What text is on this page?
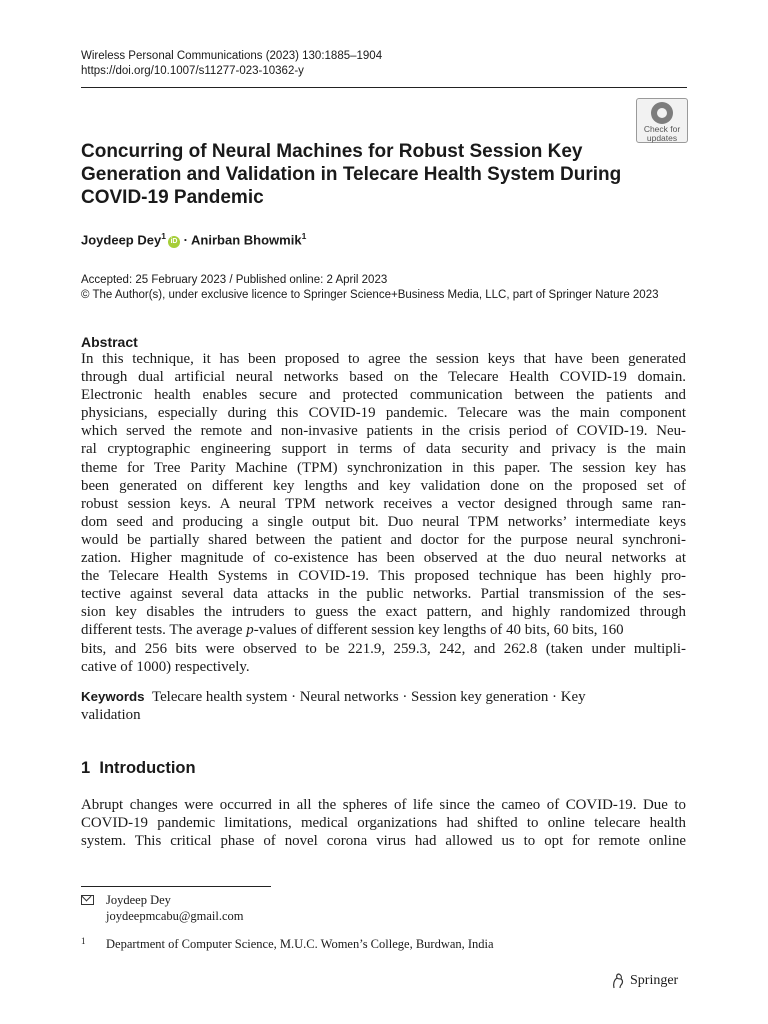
Wireless Personal Communications (2023) 130:1885–1904
https://doi.org/10.1007/s11277-023-10362-y
Check for
updates
Concurring of Neural Machines for Robust Session Key Generation and Validation in Telecare Health System During COVID-19 Pandemic
Joydeep Dey$^1$iD · Anirban Bhowmik$^1$
Accepted: 25 February 2023 / Published online: 2 April 2023
© The Author(s), under exclusive licence to Springer Science+Business Media, LLC, part of Springer Nature 2023
Abstract
In this technique, it has been proposed to agree the session keys that have been generated
through dual artificial neural networks based on the Telecare Health COVID-19 domain.
Electronic health enables secure and protected communication between the patients and
physicians, especially during this COVID-19 pandemic. Telecare was the main component
which served the remote and non-invasive patients in the crisis period of COVID-19. Neu-
ral cryptographic engineering support in terms of data security and privacy is the main
theme for Tree Parity Machine (TPM) synchronization in this paper. The session key has
been generated on different key lengths and key validation done on the proposed set of
robust session keys. A neural TPM network receives a vector designed through same ran-
dom seed and producing a single output bit. Duo neural TPM networks’ intermediate keys
would be partially shared between the patient and doctor for the purpose neural synchroni-
zation. Higher magnitude of co-existence has been observed at the duo neural networks at
the Telecare Health Systems in COVID-19. This proposed technique has been highly pro-
tective against several data attacks in the public networks. Partial transmission of the ses-
sion key disables the intruders to guess the exact pattern, and highly randomized through
different tests. The average p-values of different session key lengths of 40 bits, 60 bits, 160
bits, and 256 bits were observed to be 221.9, 259.3, 242, and 262.8 (taken under multipli-
cative of 1000) respectively.
Keywords Telecare health system · Neural networks · Session key generation · Key
validation
1 Introduction
Abrupt changes were occurred in all the spheres of life since the cameo of COVID-19. Due to
COVID-19 pandemic limitations, medical organizations had shifted to online telecare health
system. This critical phase of novel corona virus had allowed us to opt for remote online
Joydeep Dey
joydeepmcabu@gmail.com
1 Department of Computer Science, M.U.C. Women’s College, Burdwan, India
Springer
